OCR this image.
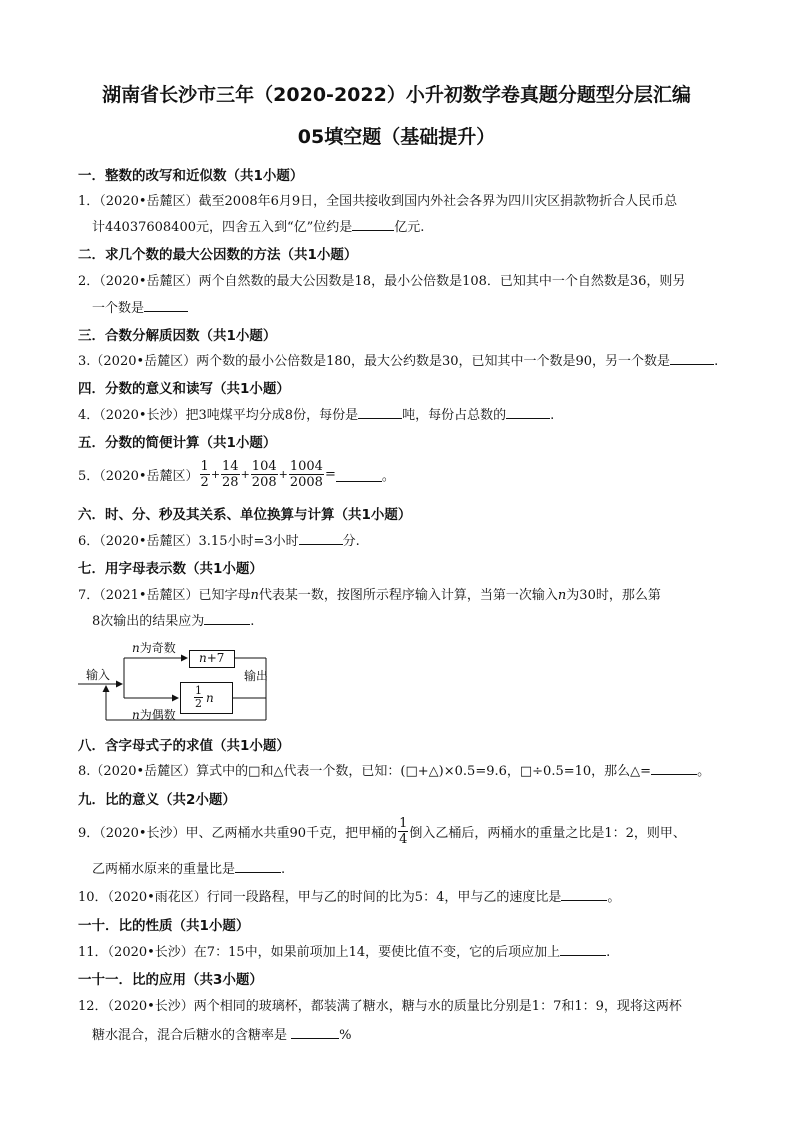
湖南省长沙市三年（2020-2022）小升初数学卷真题分题型分层汇编
05填空题（基础提升）
一．整数的改写和近似数（共1小题）
1．（2020•岳麓区）截至2008年6月9日，全国共接收到国内外社会各界为四川灾区捐款物折合人民币总
计44037608400元，四舍五入到“亿”位约是	亿元.
二．求几个数的最大公因数的方法（共1小题）
2．（2020•岳麓区）两个自然数的最大公因数是18，最小公倍数是108．已知其中一个自然数是36，则另
一个数是
三．合数分解质因数（共1小题）
3.（2020•岳麓区）两个数的最小公倍数是180，最大公约数是30，已知其中一个数是90，另一个数是	.
四．分数的意义和读写（共1小题）
4．（2020•长沙）把3吨煤平均分成8份，每份是	吨，每份占总数的	.
五．分数的简便计算（共1小题）
5．（2020•岳麓区） $\frac{1}{2} + \frac{14}{28} + \frac{104}{208} + \frac{1004}{2008}$ =	。
六．时、分、秒及其关系、单位换算与计算（共1小题）
6．（2020•岳麓区）3.15小时=3小时	分.
七．用字母表示数（共1小题）
7．（2021•岳麓区）已知字母n代表某一数，按图所示程序输入计算，当第一次输入n为30时，那么第
8次输出的结果应为	.
n+7
$\frac{1}{2}$ n
n为奇数
n为偶数
输入	输出
八．含字母式子的求值（共1小题）
8.（2020•岳麓区）算式中的□和△代表一个数，已知：(□+△)×0.5=9.6，□÷0.5=10，那么△=	。
九．比的意义（共2小题）
9．（2020•长沙）甲、乙两桶水共重90千克，把甲桶的 $\frac{1}{4}$ 倒入乙桶后，两桶水的重量之比是1：2，则甲、
乙两桶水原来的重量比是	.
10．（2020•雨花区）行同一段路程，甲与乙的时间的比为5：4，甲与乙的速度比是	。
一十．比的性质（共1小题）
11．（2020•长沙）在7：15中，如果前项加上14，要使比值不变，它的后项应加上	.
一十一．比的应用（共3小题）
12．（2020•长沙）两个相同的玻璃杯，都装满了糖水，糖与水的质量比分别是1：7和1：9，现将这两杯
糖水混合，混合后糖水的含糖率是	%
